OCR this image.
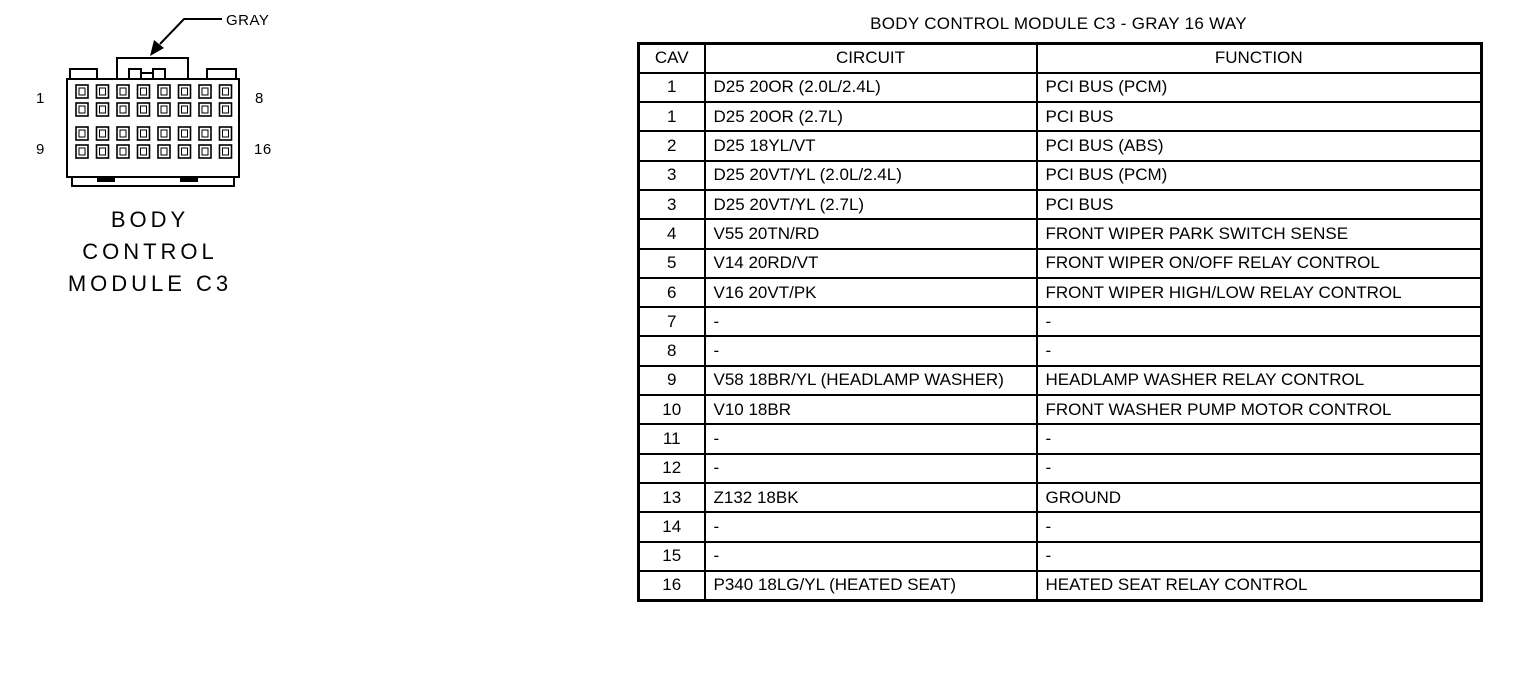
GRAY
1	8
9	16
BODY
CONTROL
MODULE C3
BODY CONTROL MODULE C3 - GRAY 16 WAY
CAV	CIRCUIT	FUNCTION
1	D25 20OR (2.0L/2.4L)	PCI BUS (PCM)
1	D25 20OR (2.7L)	PCI BUS
2	D25 18YL/VT	PCI BUS (ABS)
3	D25 20VT/YL (2.0L/2.4L)	PCI BUS (PCM)
3	D25 20VT/YL (2.7L)	PCI BUS
4	V55 20TN/RD	FRONT WIPER PARK SWITCH SENSE
5	V14 20RD/VT	FRONT WIPER ON/OFF RELAY CONTROL
6	V16 20VT/PK	FRONT WIPER HIGH/LOW RELAY CONTROL
7	-	-
8	-	-
9	V58 18BR/YL (HEADLAMP WASHER)	HEADLAMP WASHER RELAY CONTROL
10	V10 18BR	FRONT WASHER PUMP MOTOR CONTROL
11	-	-
12	-	-
13	Z132 18BK	GROUND
14	-	-
15	-	-
16	P340 18LG/YL (HEATED SEAT)	HEATED SEAT RELAY CONTROL
